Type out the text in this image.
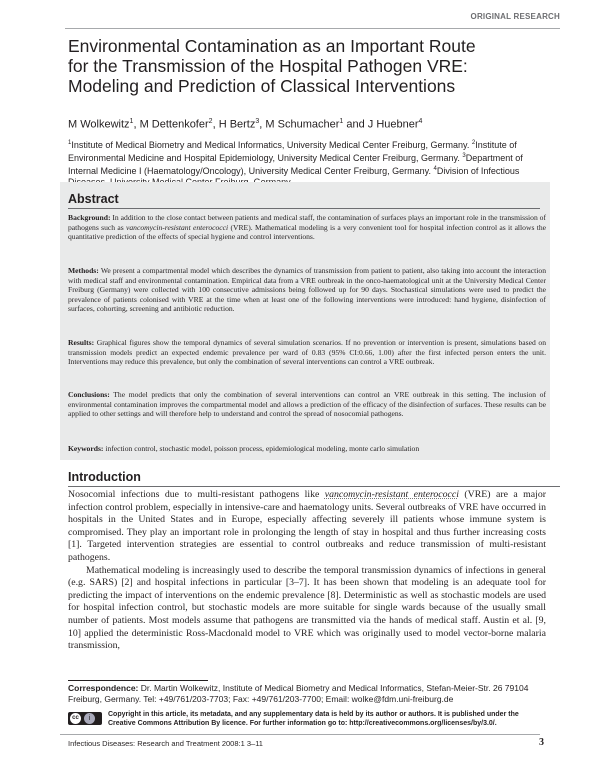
ORIGINAL RESEARCH
Environmental Contamination as an Important Route
for the Transmission of the Hospital Pathogen VRE:
Modeling and Prediction of Classical Interventions
M Wolkewitz$^1$, M Dettenkofer$^2$, H Bertz$^3$, M Schumacher$^1$ and J Huebner$^4$
$^1$Institute of Medical Biometry and Medical Informatics, University Medical Center Freiburg, Germany. $^2$Institute of Environmental Medicine and Hospital Epidemiology, University Medical Center Freiburg, Germany. $^3$Department of Internal Medicine I (Haematology/Oncology), University Medical Center Freiburg, Germany. $^4$Division of Infectious
Abstract
Background: In addition to the close contact between patients and medical staff, the contamination of surfaces plays an important role in the transmission of pathogens such as vancomycin-resistant enterococci (VRE). Mathematical modeling is a very convenient tool for hospital infection control as it allows the quantitative prediction of the effects of special hygiene and control interventions.
Methods: We present a compartmental model which describes the dynamics of transmission from patient to patient, also taking into account the interaction with medical staff and environmental contamination. Empirical data from a VRE outbreak in the onco-haematological unit at the University Medical Center Freiburg (Germany) were collected with 100 consecutive admissions being followed up for 90 days. Stochastical simulations were used to predict the prevalence of patients colonised with VRE at the time when at least one of the following interventions were introduced: hand hygiene, disinfection of surfaces, cohorting, screening and antibiotic reduction.
Results: Graphical figures show the temporal dynamics of several simulation scenarios. If no prevention or intervention is present, simulations based on transmission models predict an expected endemic prevalence per ward of 0.83 (95% CI:0.66, 1.00) after the first infected person enters the unit. Interventions may reduce this prevalence, but only the combination of several interventions can control a VRE outbreak.
Conclusions: The model predicts that only the combination of several interventions can control an VRE outbreak in this setting. The inclusion of environmental contamination improves the compartmental model and allows a prediction of the efficacy of the disinfection of surfaces. These results can be applied to other settings and will therefore help to understand and control the spread of nosocomial pathogens.
Keywords: infection control, stochastic model, poisson process, epidemiological modeling, monte carlo simulation
Introduction

Nosocomial infections due to multi-resistant pathogens like vancomycin-resistant enterococci (VRE) are a major infection control problem, especially in intensive-care and haematology units. Several outbreaks of VRE have occurred in hospitals in the United States and in Europe, especially affecting severely ill patients whose immune system is compromised. They play an important role in prolonging the length of stay in hospital and thus further increasing costs [1]. Targeted intervention strategies are essential to control outbreaks and reduce transmission of multi-resistant pathogens.

Mathematical modeling is increasingly used to describe the temporal transmission dynamics of infections in general (e.g. SARS) [2] and hospital infections in particular [3–7]. It has been shown that modeling is an adequate tool for predicting the impact of interventions on the endemic prevalence [8]. Deterministic as well as stochastic models are used for hospital infection control, but stochastic models are more suitable for single wards because of the usually small number of patients. Most models assume that pathogens are transmitted via the hands of medical staff. Austin et al. [9, 10] applied the deterministic Ross-Macdonald model to VRE which was originally used to model vector-borne malaria transmission,

Correspondence: Dr. Martin Wolkewitz, Institute of Medical Biometry and Medical Informatics, Stefan-Meier-Str. 26 79104 Freiburg, Germany. Tel: +49/761/203-7703; Fax: +49/761/203-7700; Email: wolke@fdm.uni-freiburg.de
cc	i
Copyright in this article, its metadata, and any supplementary data is held by its author or authors. It is published under the Creative Commons Attribution By licence. For further information go to: http://creativecommons.org/licenses/by/3.0/.
Infectious Diseases: Research and Treatment 2008:1 3–11	3
